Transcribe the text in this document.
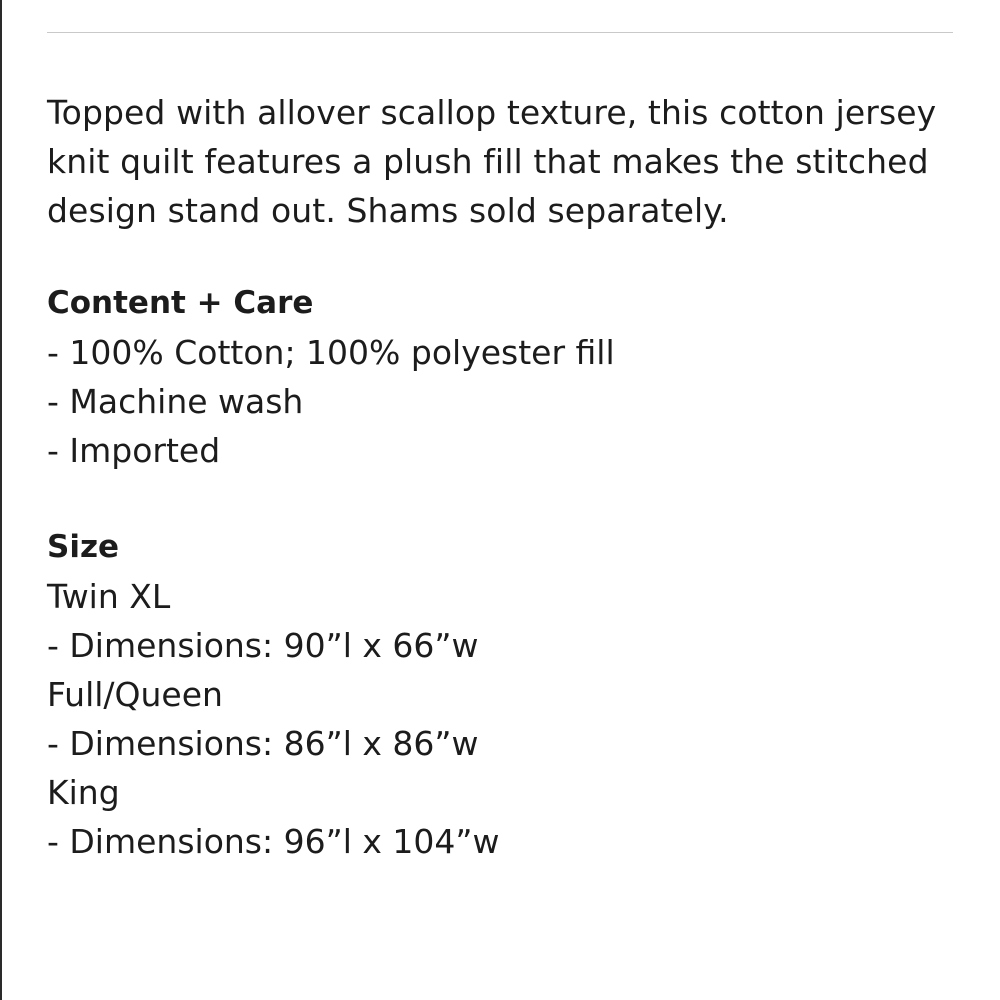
Topped with allover scallop texture, this cotton jersey knit quilt features a plush fill that makes the stitched design stand out. Shams sold separately.

Content + Care

- 100% Cotton; 100% polyester fill

- Machine wash

- Imported

Size

Twin XL

- Dimensions: 90”l x 66”w

Full/Queen

- Dimensions: 86”l x 86”w

King

- Dimensions: 96”l x 104”w
